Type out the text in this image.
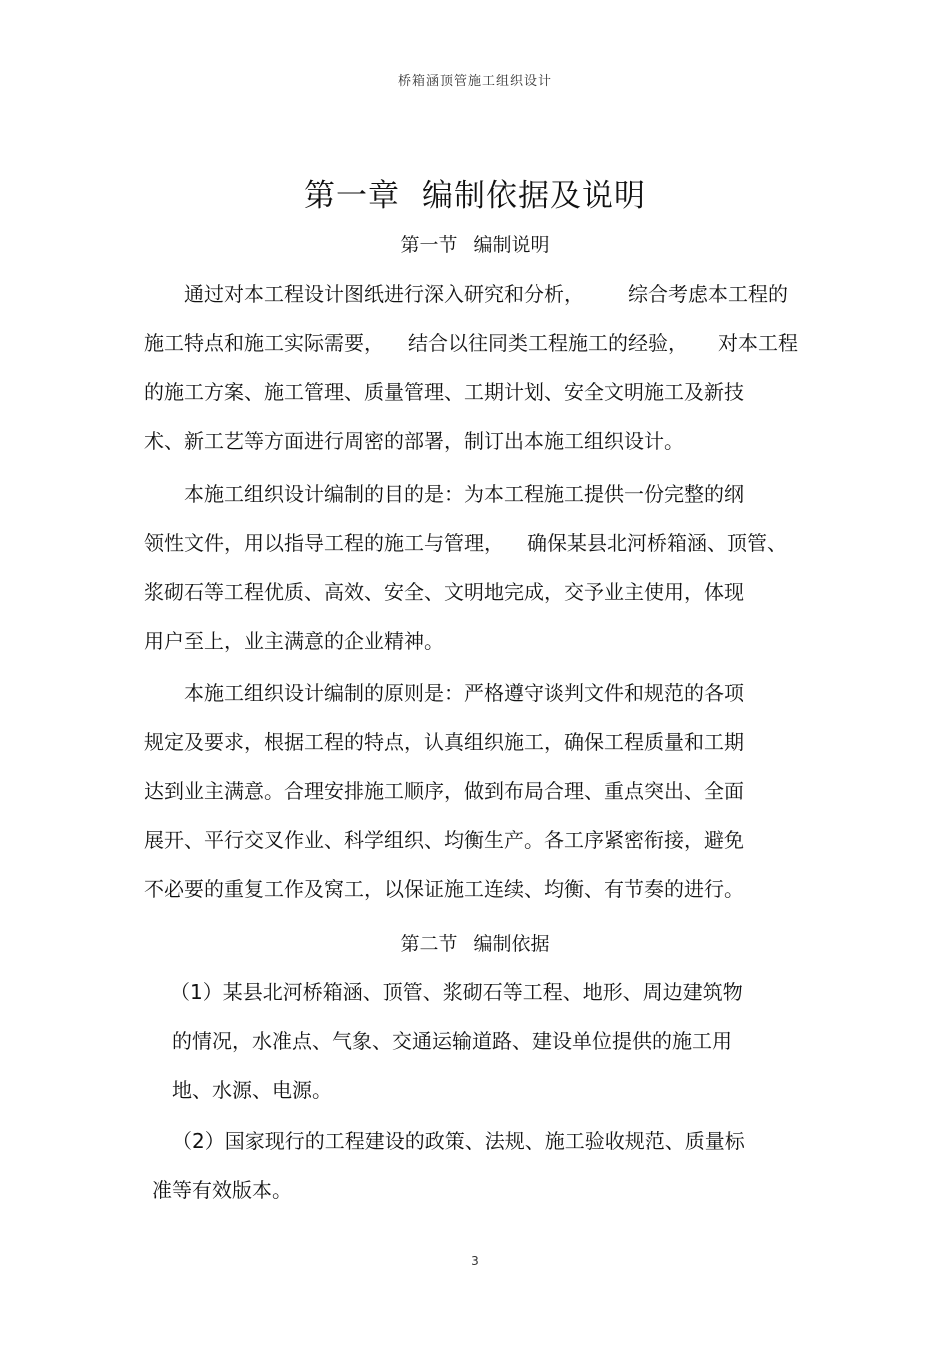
桥箱涵顶管施工组织设计
第一章 编制依据及说明
第一节 编制说明
通过对本工程设计图纸进行深入研究和分析， 综合考虑本工程的
施工特点和施工实际需要， 结合以往同类工程施工的经验， 对本工程
的施工方案、施工管理、质量管理、工期计划、安全文明施工及新技
术、新工艺等方面进行周密的部署，制订出本施工组织设计。
本施工组织设计编制的目的是：为本工程施工提供一份完整的纲
领性文件，用以指导工程的施工与管理， 确保某县北河桥箱涵、顶管、
浆砌石等工程优质、高效、安全、文明地完成，交予业主使用，体现
用户至上，业主满意的企业精神。
本施工组织设计编制的原则是：严格遵守谈判文件和规范的各项
规定及要求，根据工程的特点，认真组织施工，确保工程质量和工期
达到业主满意。合理安排施工顺序，做到布局合理、重点突出、全面
展开、平行交叉作业、科学组织、均衡生产。各工序紧密衔接，避免
不必要的重复工作及窝工，以保证施工连续、均衡、有节奏的进行。
第二节 编制依据
（1）某县北河桥箱涵、顶管、浆砌石等工程、地形、周边建筑物
的情况，水准点、气象、交通运输道路、建设单位提供的施工用
地、水源、电源。
（2）国家现行的工程建设的政策、法规、施工验收规范、质量标
准等有效版本。
3
